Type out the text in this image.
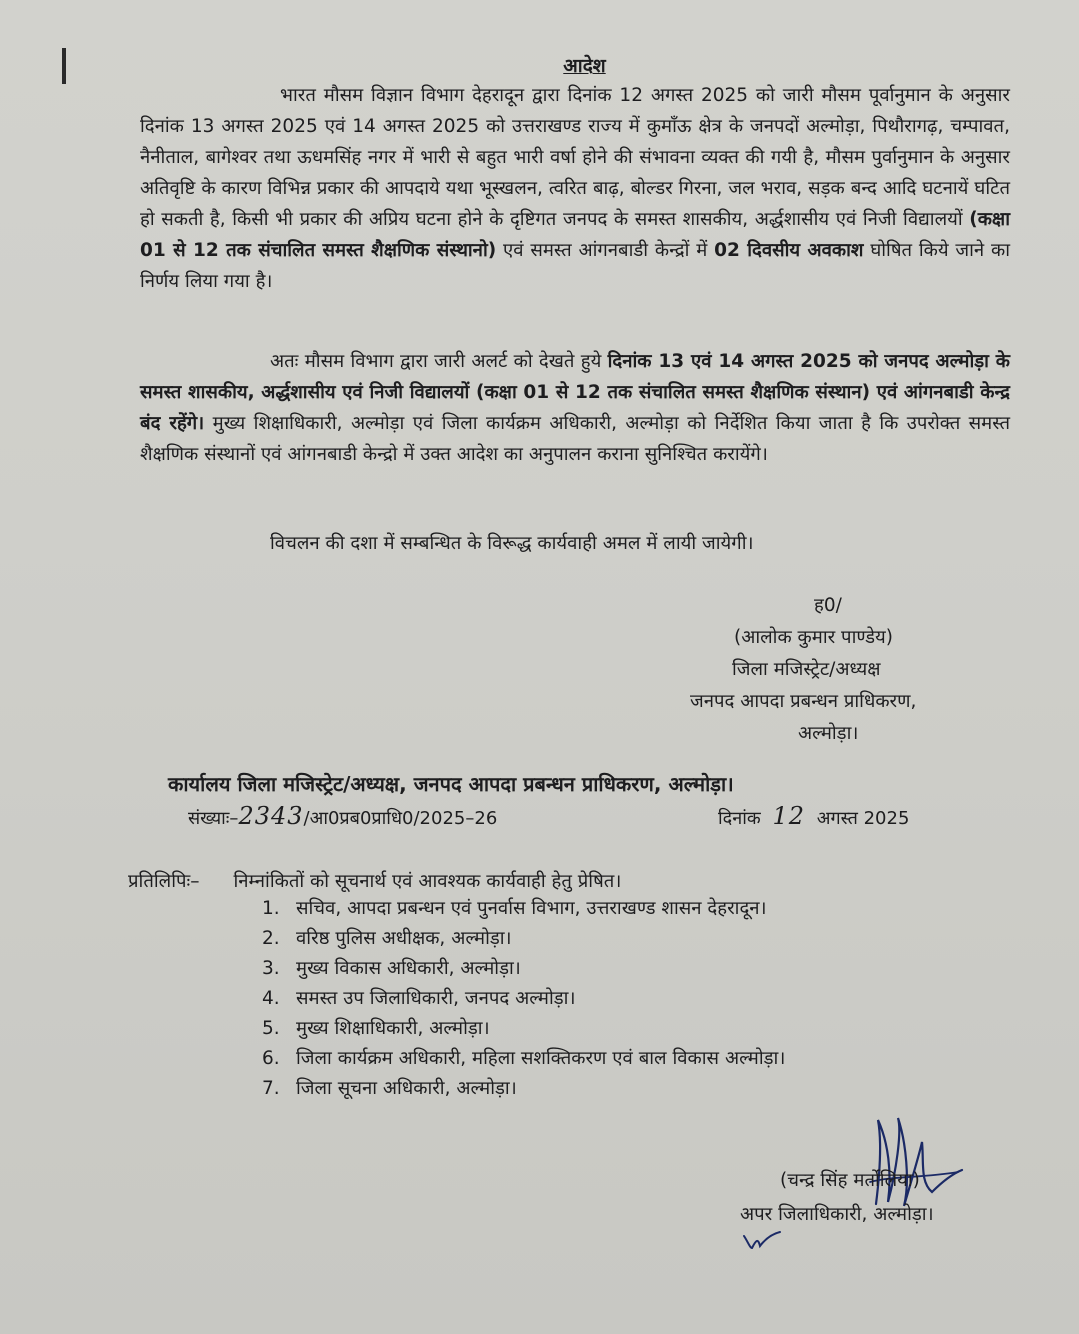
आदेश

भारत मौसम विज्ञान विभाग देहरादून द्वारा दिनांक 12 अगस्त 2025 को जारी मौसम पूर्वानुमान के अनुसार दिनांक 13 अगस्त 2025 एवं 14 अगस्त 2025 को उत्तराखण्ड राज्य में कुमाँऊ क्षेत्र के जनपदों अल्मोड़ा, पिथौरागढ़, चम्पावत, नैनीताल, बागेश्वर तथा ऊधमसिंह नगर में भारी से बहुत भारी वर्षा होने की संभावना व्यक्त की गयी है, मौसम पुर्वानुमान के अनुसार अतिवृष्टि के कारण विभिन्न प्रकार की आपदाये यथा भूस्खलन, त्वरित बाढ़, बोल्डर गिरना, जल भराव, सड़क बन्द आदि घटनायें घटित हो सकती है, किसी भी प्रकार की अप्रिय घटना होने के दृष्टिगत जनपद के समस्त शासकीय, अर्द्धशासीय एवं निजी विद्यालयों (कक्षा 01 से 12 तक संचालित समस्त शैक्षणिक संस्थानो) एवं समस्त आंगनबाडी केन्द्रों में 02 दिवसीय अवकाश घोषित किये जाने का निर्णय लिया गया है।

अतः मौसम विभाग द्वारा जारी अलर्ट को देखते हुये दिनांक 13 एवं 14 अगस्त 2025 को जनपद अल्मोड़ा के समस्त शासकीय, अर्द्धशासीय एवं निजी विद्यालयों (कक्षा 01 से 12 तक संचालित समस्त शैक्षणिक संस्थान) एवं आंगनबाडी केन्द्र बंद रहेंगे। मुख्य शिक्षाधिकारी, अल्मोड़ा एवं जिला कार्यक्रम अधिकारी, अल्मोड़ा को निर्देशित किया जाता है कि उपरोक्त समस्त शैक्षणिक संस्थानों एवं आंगनबाडी केन्द्रो में उक्त आदेश का अनुपालन कराना सुनिश्चित करायेंगे।

विचलन की दशा में सम्बन्धित के विरूद्ध कार्यवाही अमल में लायी जायेगी।

ह0/
(आलोक कुमार पाण्डेय)
जिला मजिस्ट्रेट/अध्यक्ष
जनपद आपदा प्रबन्धन प्राधिकरण,
अल्मोड़ा।
कार्यालय जिला मजिस्ट्रेट/अध्यक्ष, जनपद आपदा प्रबन्धन प्राधिकरण, अल्मोड़ा।
संख्याः–2343/आ0प्रब0प्राधि0/2025–26	दिनांक 12 अगस्त 2025
प्रतिलिपिः– निम्नांकितों को सूचनार्थ एवं आवश्यक कार्यवाही हेतु प्रेषित।
1. सचिव, आपदा प्रबन्धन एवं पुनर्वास विभाग, उत्तराखण्ड शासन देहरादून।
2. वरिष्ठ पुलिस अधीक्षक, अल्मोड़ा।
3. मुख्य विकास अधिकारी, अल्मोड़ा।
4. समस्त उप जिलाधिकारी, जनपद अल्मोड़ा।
5. मुख्य शिक्षाधिकारी, अल्मोड़ा।
6. जिला कार्यक्रम अधिकारी, महिला सशक्तिकरण एवं बाल विकास अल्मोड़ा।
7. जिला सूचना अधिकारी, अल्मोड़ा।
(चन्द्र सिंह मर्तोलिया)
अपर जिलाधिकारी, अल्मोड़ा।
